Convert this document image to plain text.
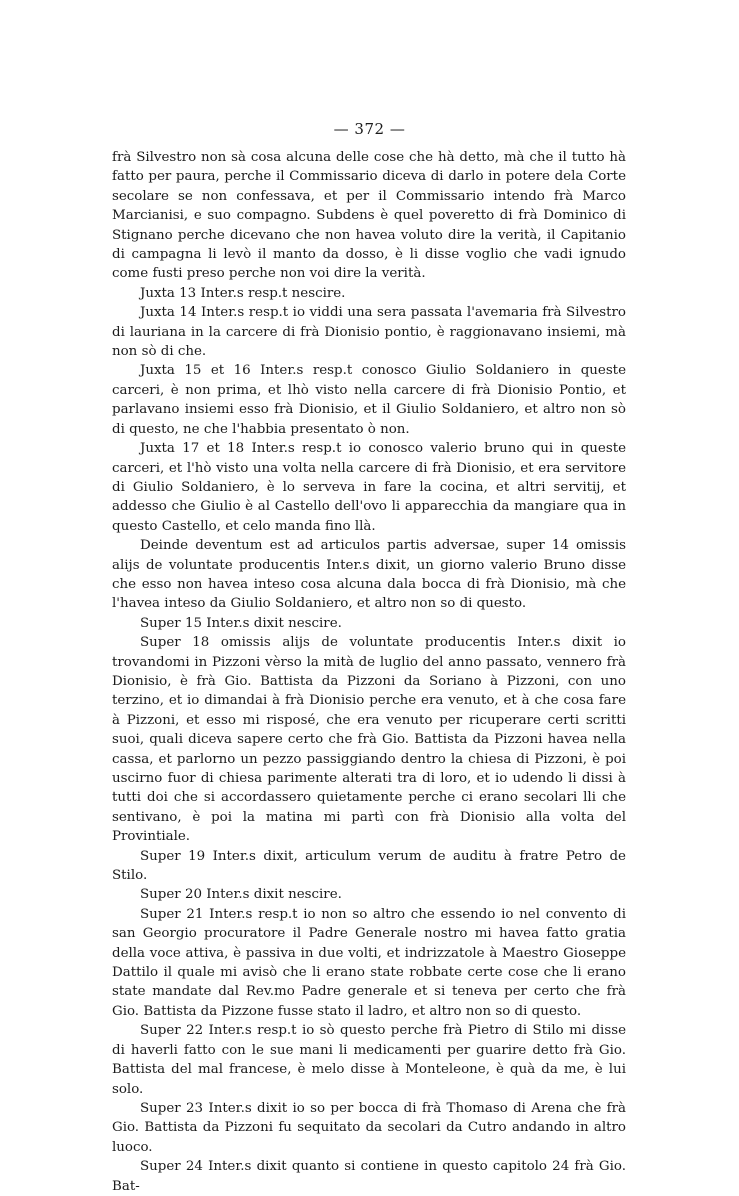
— 372 —

frà Silvestro non sà cosa alcuna delle cose che hà detto, mà che il tutto hà fatto per paura, perche il Commissario diceva di darlo in potere dela Corte secolare se non confessava, et per il Commissario intendo frà Marco Marcianisi, e suo compagno. Subdens è quel poveretto di frà Dominico di Stignano perche dicevano che non havea voluto dire la verità, il Capitanio di campagna li levò il manto da dosso, è li disse voglio che vadi ignudo come fusti preso perche non voi dire la verità.

Juxta 13 Inter.s resp.t nescire.

Juxta 14 Inter.s resp.t io viddi una sera passata l'avemaria frà Silvestro di lauriana in la carcere di frà Dionisio pontio, è raggionavano insiemi, mà non sò di che.

Juxta 15 et 16 Inter.s resp.t conosco Giulio Soldaniero in queste carceri, è non prima, et lhò visto nella carcere di frà Dionisio Pontio, et parlavano insiemi esso frà Dionisio, et il Giulio Soldaniero, et altro non sò di questo, ne che l'habbia presentato ò non.

Juxta 17 et 18 Inter.s resp.t io conosco valerio bruno qui in queste carceri, et l'hò visto una volta nella carcere di frà Dionisio, et era servitore di Giulio Soldaniero, è lo serveva in fare la cocina, et altri servitij, et addesso che Giulio è al Castello dell'ovo li apparecchia da mangiare qua in questo Castello, et celo manda fino llà.

Deinde deventum est ad articulos partis adversae, super 14 omissis alijs de voluntate producentis Inter.s dixit, un giorno valerio Bruno disse che esso non havea inteso cosa alcuna dala bocca di frà Dionisio, mà che l'havea inteso da Giulio Soldaniero, et altro non so di questo.

Super 15 Inter.s dixit nescire.

Super 18 omissis alijs de voluntate producentis Inter.s dixit io trovandomi in Pizzoni vèrso la mità de luglio del anno passato, vennero frà Dionisio, è frà Gio. Battista da Pizzoni da Soriano à Pizzoni, con uno terzino, et io dimandai à frà Dionisio perche era venuto, et à che cosa fare à Pizzoni, et esso mi risposé, che era venuto per ricuperare certi scritti suoi, quali diceva sapere certo che frà Gio. Battista da Pizzoni havea nella cassa, et parlorno un pezzo passiggiando dentro la chiesa di Pizzoni, è poi uscirno fuor di chiesa parimente alterati tra di loro, et io udendo li dissi à tutti doi che si accordassero quietamente perche ci erano secolari lli che sentivano, è poi la matina mi partì con frà Dionisio alla volta del Provintiale.

Super 19 Inter.s dixit, articulum verum de auditu à fratre Petro de Stilo.

Super 20 Inter.s dixit nescire.

Super 21 Inter.s resp.t io non so altro che essendo io nel convento di san Georgio procuratore il Padre Generale nostro mi havea fatto gratia della voce attiva, è passiva in due volti, et indrizzatole à Maestro Gioseppe Dattilo il quale mi avisò che li erano state robbate certe cose che li erano state mandate dal Rev.mo Padre generale et si teneva per certo che frà Gio. Battista da Pizzone fusse stato il ladro, et altro non so di questo.

Super 22 Inter.s resp.t io sò questo perche frà Pietro di Stilo mi disse di haverli fatto con le sue mani li medicamenti per guarire detto frà Gio. Battista del mal francese, è melo disse à Monteleone, è quà da me, è lui solo.

Super 23 Inter.s dixit io so per bocca di frà Thomaso di Arena che frà Gio. Battista da Pizzoni fu sequitato da secolari da Cutro andando in altro luoco.

Super 24 Inter.s dixit quanto si contiene in questo capitolo 24 frà Gio. Bat-
